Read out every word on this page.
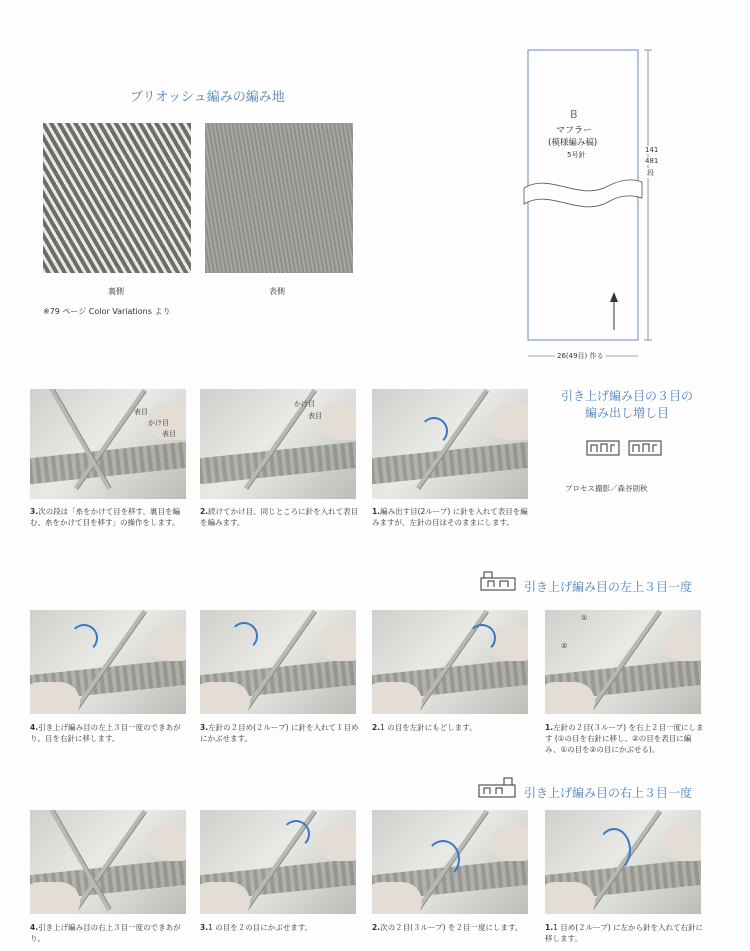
ブリオッシュ編みの編み地
裏側	表側
※79 ページ Color Variations より
B
マフラー
(模様編み稿)
5号針
141
481
段
26(49目) 作る
表目
かけ目
表目
かけ目
表目
3.次の段は「糸をかけて目を移す、裏目を編む、糸をかけて目を移す」の操作をします。
2.続けてかけ目、同じところに針を入れて表目を編みます。
1.編み出す目(2ループ) に針を入れて表目を編みますが、左針の目はそのままにします。
引き上げ編み目の３目の
編み出し増し目
プロセス撮影／森谷則秋
引き上げ編み目の左上３目一度
①
②
4.引き上げ編み目の左上３目一度のできあがり。目を右針に移します。
3.左針の２目め(２ループ) に針を入れて１目めにかぶせます。
2.1 の目を左針にもどします。	1.左針の２目(３ループ) を右上２目一度にします (①の目を右針に移し、②の目を表目に編み、①の目を②の目にかぶせる)。
引き上げ編み目の右上３目一度
4.引き上げ編み目の右上３目一度のできあがり。
3.1 の目を２の目にかぶせます。	2.次の２目(３ループ) を２目一度にします。	1.1 目め(２ループ) に左から針を入れて右針に移します。
